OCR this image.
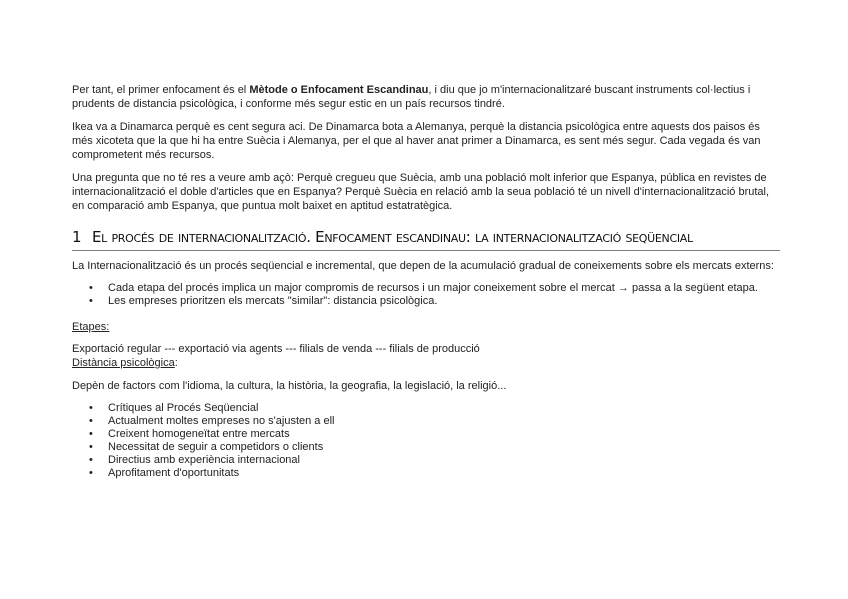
Per tant, el primer enfocament és el Mètode o Enfocament Escandinau, i diu que jo m'internacionalitzaré buscant instruments col·lectius i prudents de distancia psicològica, i conforme més segur estic en un país recursos tindré.

Ikea va a Dinamarca perquè es cent segura aci. De Dinamarca bota a Alemanya, perquè la distancia psicològica entre aquests dos paisos és més xicoteta que la que hi ha entre Suècia i Alemanya, per el que al haver anat primer a Dinamarca, es sent més segur. Cada vegada és van comprometent més recursos.

Una pregunta que no té res a veure amb açò: Perquè cregueu que Suècia, amb una població molt inferior que Espanya, pública en revistes de internacionalització el doble d'articles que en Espanya? Perquè Suècia en relació amb la seua població té un nivell d'internacionalització brutal, en comparació amb Espanya, que puntua molt baixet en aptitud estatratègica.

1 El procés de internacionalització. Enfocament escandinau: la internacionalització seqüencial

La Internacionalització és un procés seqüencial e incremental, que depen de la acumulació gradual de coneixements sobre els mercats externs:

• Cada etapa del procés implica un major compromis de recursos i un major coneixement sobre el mercat → passa a la següent etapa.
• Les empreses prioritzen els mercats "similar": distancia psicològica.

Etapes:

Exportació regular --- exportació via agents --- filials de venda --- filials de producció

Distància psicològica:

Depèn de factors com l'idioma, la cultura, la història, la geografia, la legislació, la religió...

• Crítiques al Procés Seqüencial
• Actualment moltes empreses no s'ajusten a ell
• Creixent homogeneïtat entre mercats
• Necessitat de seguir a competidors o clients
• Directius amb experiència internacional
• Aprofitament d'oportunitats
